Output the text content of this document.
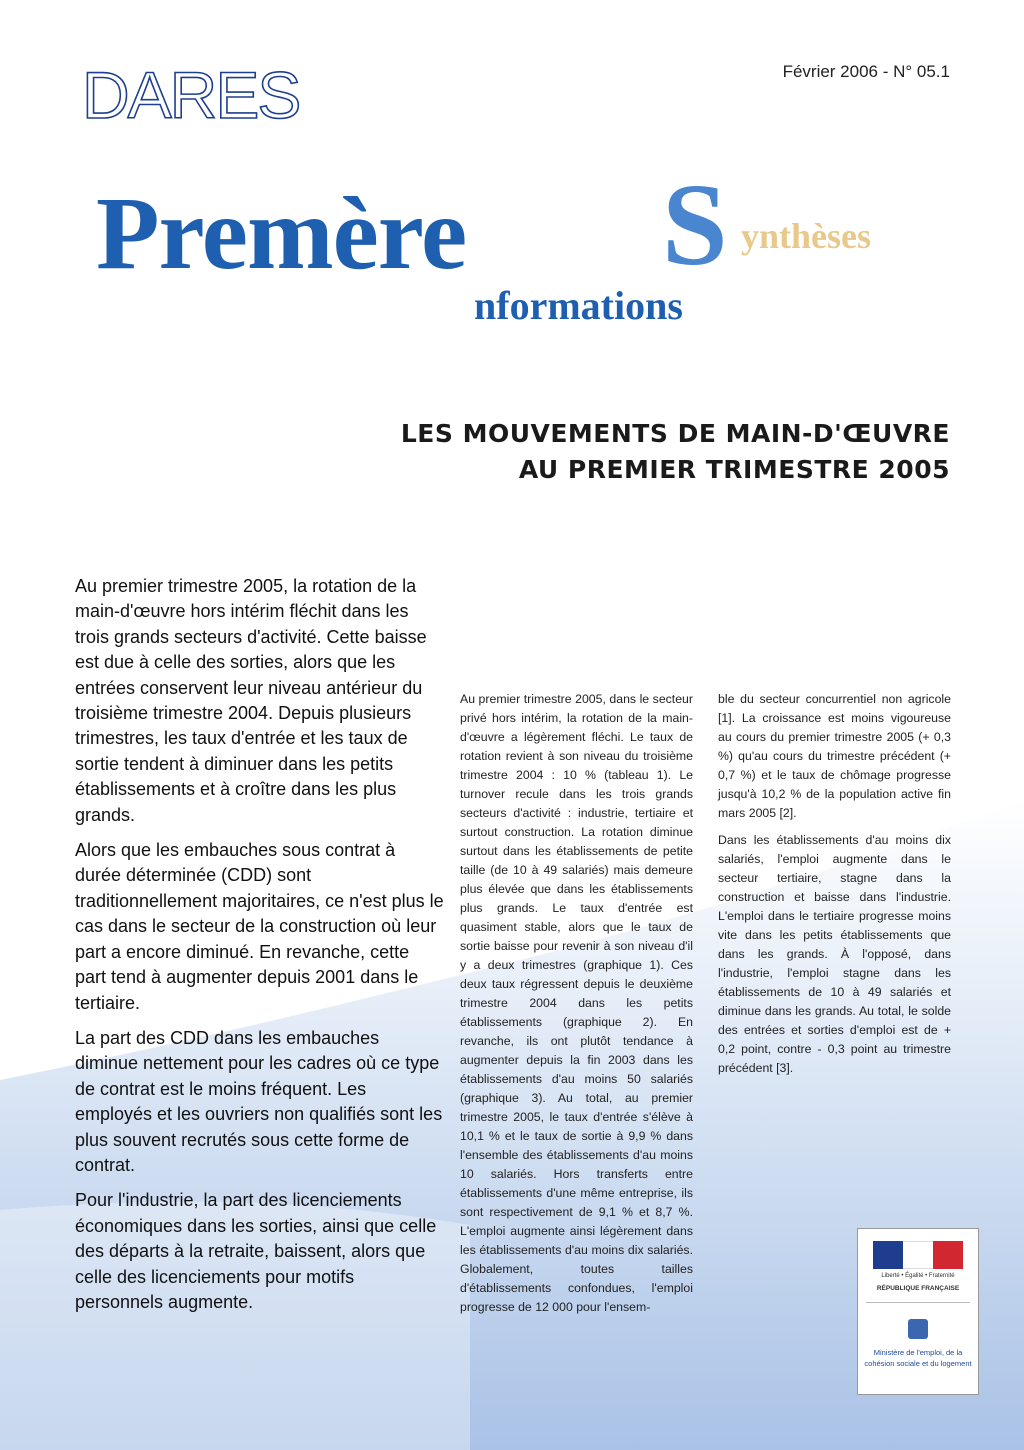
DARES	Février 2006 - N° 05.1
Premère S ynthèses
nformations
LES MOUVEMENTS DE MAIN-D'ŒUVRE
AU PREMIER TRIMESTRE 2005

Au premier trimestre 2005, la rotation de la main-d'œuvre hors intérim fléchit dans les trois grands secteurs d'activité. Cette baisse est due à celle des sorties, alors que les entrées conservent leur niveau antérieur du troisième trimestre 2004. Depuis plusieurs trimestres, les taux d'entrée et les taux de sortie tendent à diminuer dans les petits établissements et à croître dans les plus grands.

Alors que les embauches sous contrat à durée déterminée (CDD) sont traditionnellement majoritaires, ce n'est plus le cas dans le secteur de la construction où leur part a encore diminué. En revanche, cette part tend à augmenter depuis 2001 dans le tertiaire.

La part des CDD dans les embauches diminue nettement pour les cadres où ce type de contrat est le moins fréquent. Les employés et les ouvriers non qualifiés sont les plus souvent recrutés sous cette forme de contrat.

Pour l'industrie, la part des licenciements économiques dans les sorties, ainsi que celle des départs à la retraite, baissent, alors que celle des licenciements pour motifs personnels augmente.

Au premier trimestre 2005, dans le secteur privé hors intérim, la rotation de la main-d'œuvre a légèrement fléchi. Le taux de rotation revient à son niveau du troisième trimestre 2004 : 10 % (tableau 1). Le turnover recule dans les trois grands secteurs d'activité : industrie, tertiaire et surtout construction. La rotation diminue surtout dans les établissements de petite taille (de 10 à 49 salariés) mais demeure plus élevée que dans les établissements plus grands. Le taux d'entrée est quasiment stable, alors que le taux de sortie baisse pour revenir à son niveau d'il y a deux trimestres (graphique 1). Ces deux taux régressent depuis le deuxième trimestre 2004 dans les petits établissements (graphique 2). En revanche, ils ont plutôt tendance à augmenter depuis la fin 2003 dans les établissements d'au moins 50 salariés (graphique 3). Au total, au premier trimestre 2005, le taux d'entrée s'élève à 10,1 % et le taux de sortie à 9,9 % dans l'ensemble des établissements d'au moins 10 salariés. Hors transferts entre établissements d'une même entreprise, ils sont respectivement de 9,1 % et 8,7 %. L'emploi augmente ainsi légèrement dans les établissements d'au moins dix salariés. Globalement, toutes tailles d'établissements confondues, l'emploi progresse de 12 000 pour l'ensem-

ble du secteur concurrentiel non agricole [1]. La croissance est moins vigoureuse au cours du premier trimestre 2005 (+ 0,3 %) qu'au cours du trimestre précédent (+ 0,7 %) et le taux de chômage progresse jusqu'à 10,2 % de la population active fin mars 2005 [2].

Dans les établissements d'au moins dix salariés, l'emploi augmente dans le secteur tertiaire, stagne dans la construction et baisse dans l'industrie. L'emploi dans le tertiaire progresse moins vite dans les petits établissements que dans les grands. À l'opposé, dans l'industrie, l'emploi stagne dans les établissements de 10 à 49 salariés et diminue dans les grands. Au total, le solde des entrées et sorties d'emploi est de + 0,2 point, contre - 0,3 point au trimestre précédent [3].

Liberté • Égalité • Fraternité
RÉPUBLIQUE FRANÇAISE
Ministère de l'emploi, de la cohésion sociale et du logement
